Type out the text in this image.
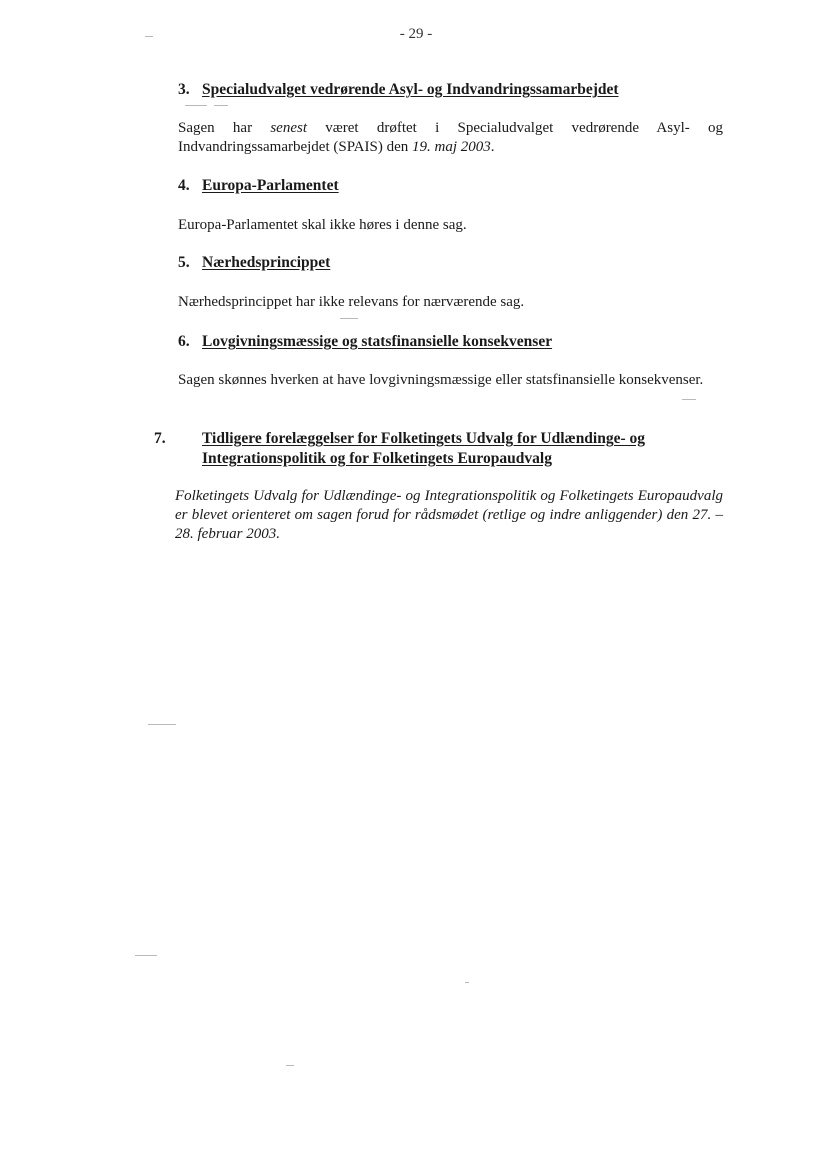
- 29 -

3. Specialudvalget vedrørende Asyl- og Indvandringssamarbejdet

Sagen har senest været drøftet i Specialudvalget vedrørende Asyl- og Indvandringssamarbejdet (SPAIS) den 19. maj 2003.

4. Europa-Parlamentet

Europa-Parlamentet skal ikke høres i denne sag.

5. Nærhedsprincippet

Nærhedsprincippet har ikke relevans for nærværende sag.

6. Lovgivningsmæssige og statsfinansielle konsekvenser

Sagen skønnes hverken at have lovgivningsmæssige eller statsfinansielle konsekvenser.

7. Tidligere forelæggelser for Folketingets Udvalg for Udlændinge- og Integrationspolitik og for Folketingets Europaudvalg

Folketingets Udvalg for Udlændinge- og Integrationspolitik og Folketingets Europaudvalg er blevet orienteret om sagen forud for rådsmødet (retlige og indre anliggender) den 27. – 28. februar 2003.
